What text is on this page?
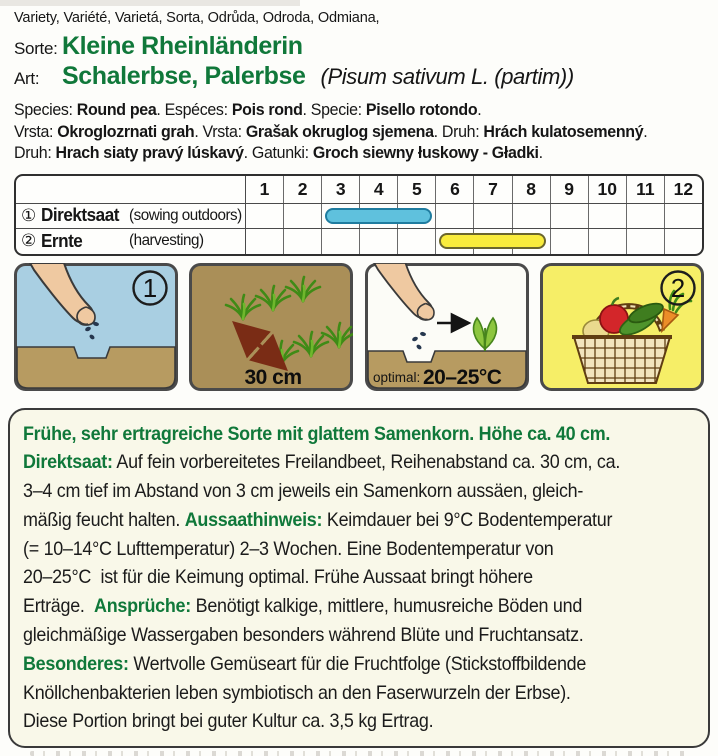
Variety, Variété, Varietá, Sorta, Odrůda, Odroda, Odmiana,
Sorte: Kleine Rheinländerin
Art: Schalerbse, Palerbse (Pisum sativum L. (partim))
Species: Round pea. Espéces: Pois rond. Specie: Pisello rotondo.
Vrsta: Okroglozrnati grah. Vrsta: Grašak okruglog sjemena. Druh: Hrách kulatosemenný.
Druh: Hrach siaty pravý lúskavý. Gatunki: Groch siewny łuskowy - Gładki.
1	2	3	4	5	6	7	8	9	10	11	12
① Direktsaat (sowing outdoors)
② Ernte	(harvesting)
1
30 cm	optimal: 20–25°C
2
Frühe, sehr ertragreiche Sorte mit glattem Samenkorn. Höhe ca. 40 cm.
Direktsaat: Auf fein vorbereitetes Freilandbeet, Reihenabstand ca. 30 cm, ca.
3–4 cm tief im Abstand von 3 cm jeweils ein Samenkorn aussäen, gleich-
mäßig feucht halten. Aussaathinweis: Keimdauer bei 9°C Bodentemperatur
(= 10–14°C Lufttemperatur) 2–3 Wochen. Eine Bodentemperatur von
20–25°C  ist für die Keimung optimal. Frühe Aussaat bringt höhere
Erträge.  Ansprüche: Benötigt kalkige, mittlere, humusreiche Böden und
gleichmäßige Wassergaben besonders während Blüte und Fruchtansatz.
Besonderes: Wertvolle Gemüseart für die Fruchtfolge (Stickstoffbildende
Knöllchenbakterien leben symbiotisch an den Faserwurzeln der Erbse).
Diese Portion bringt bei guter Kultur ca. 3,5 kg Ertrag.
